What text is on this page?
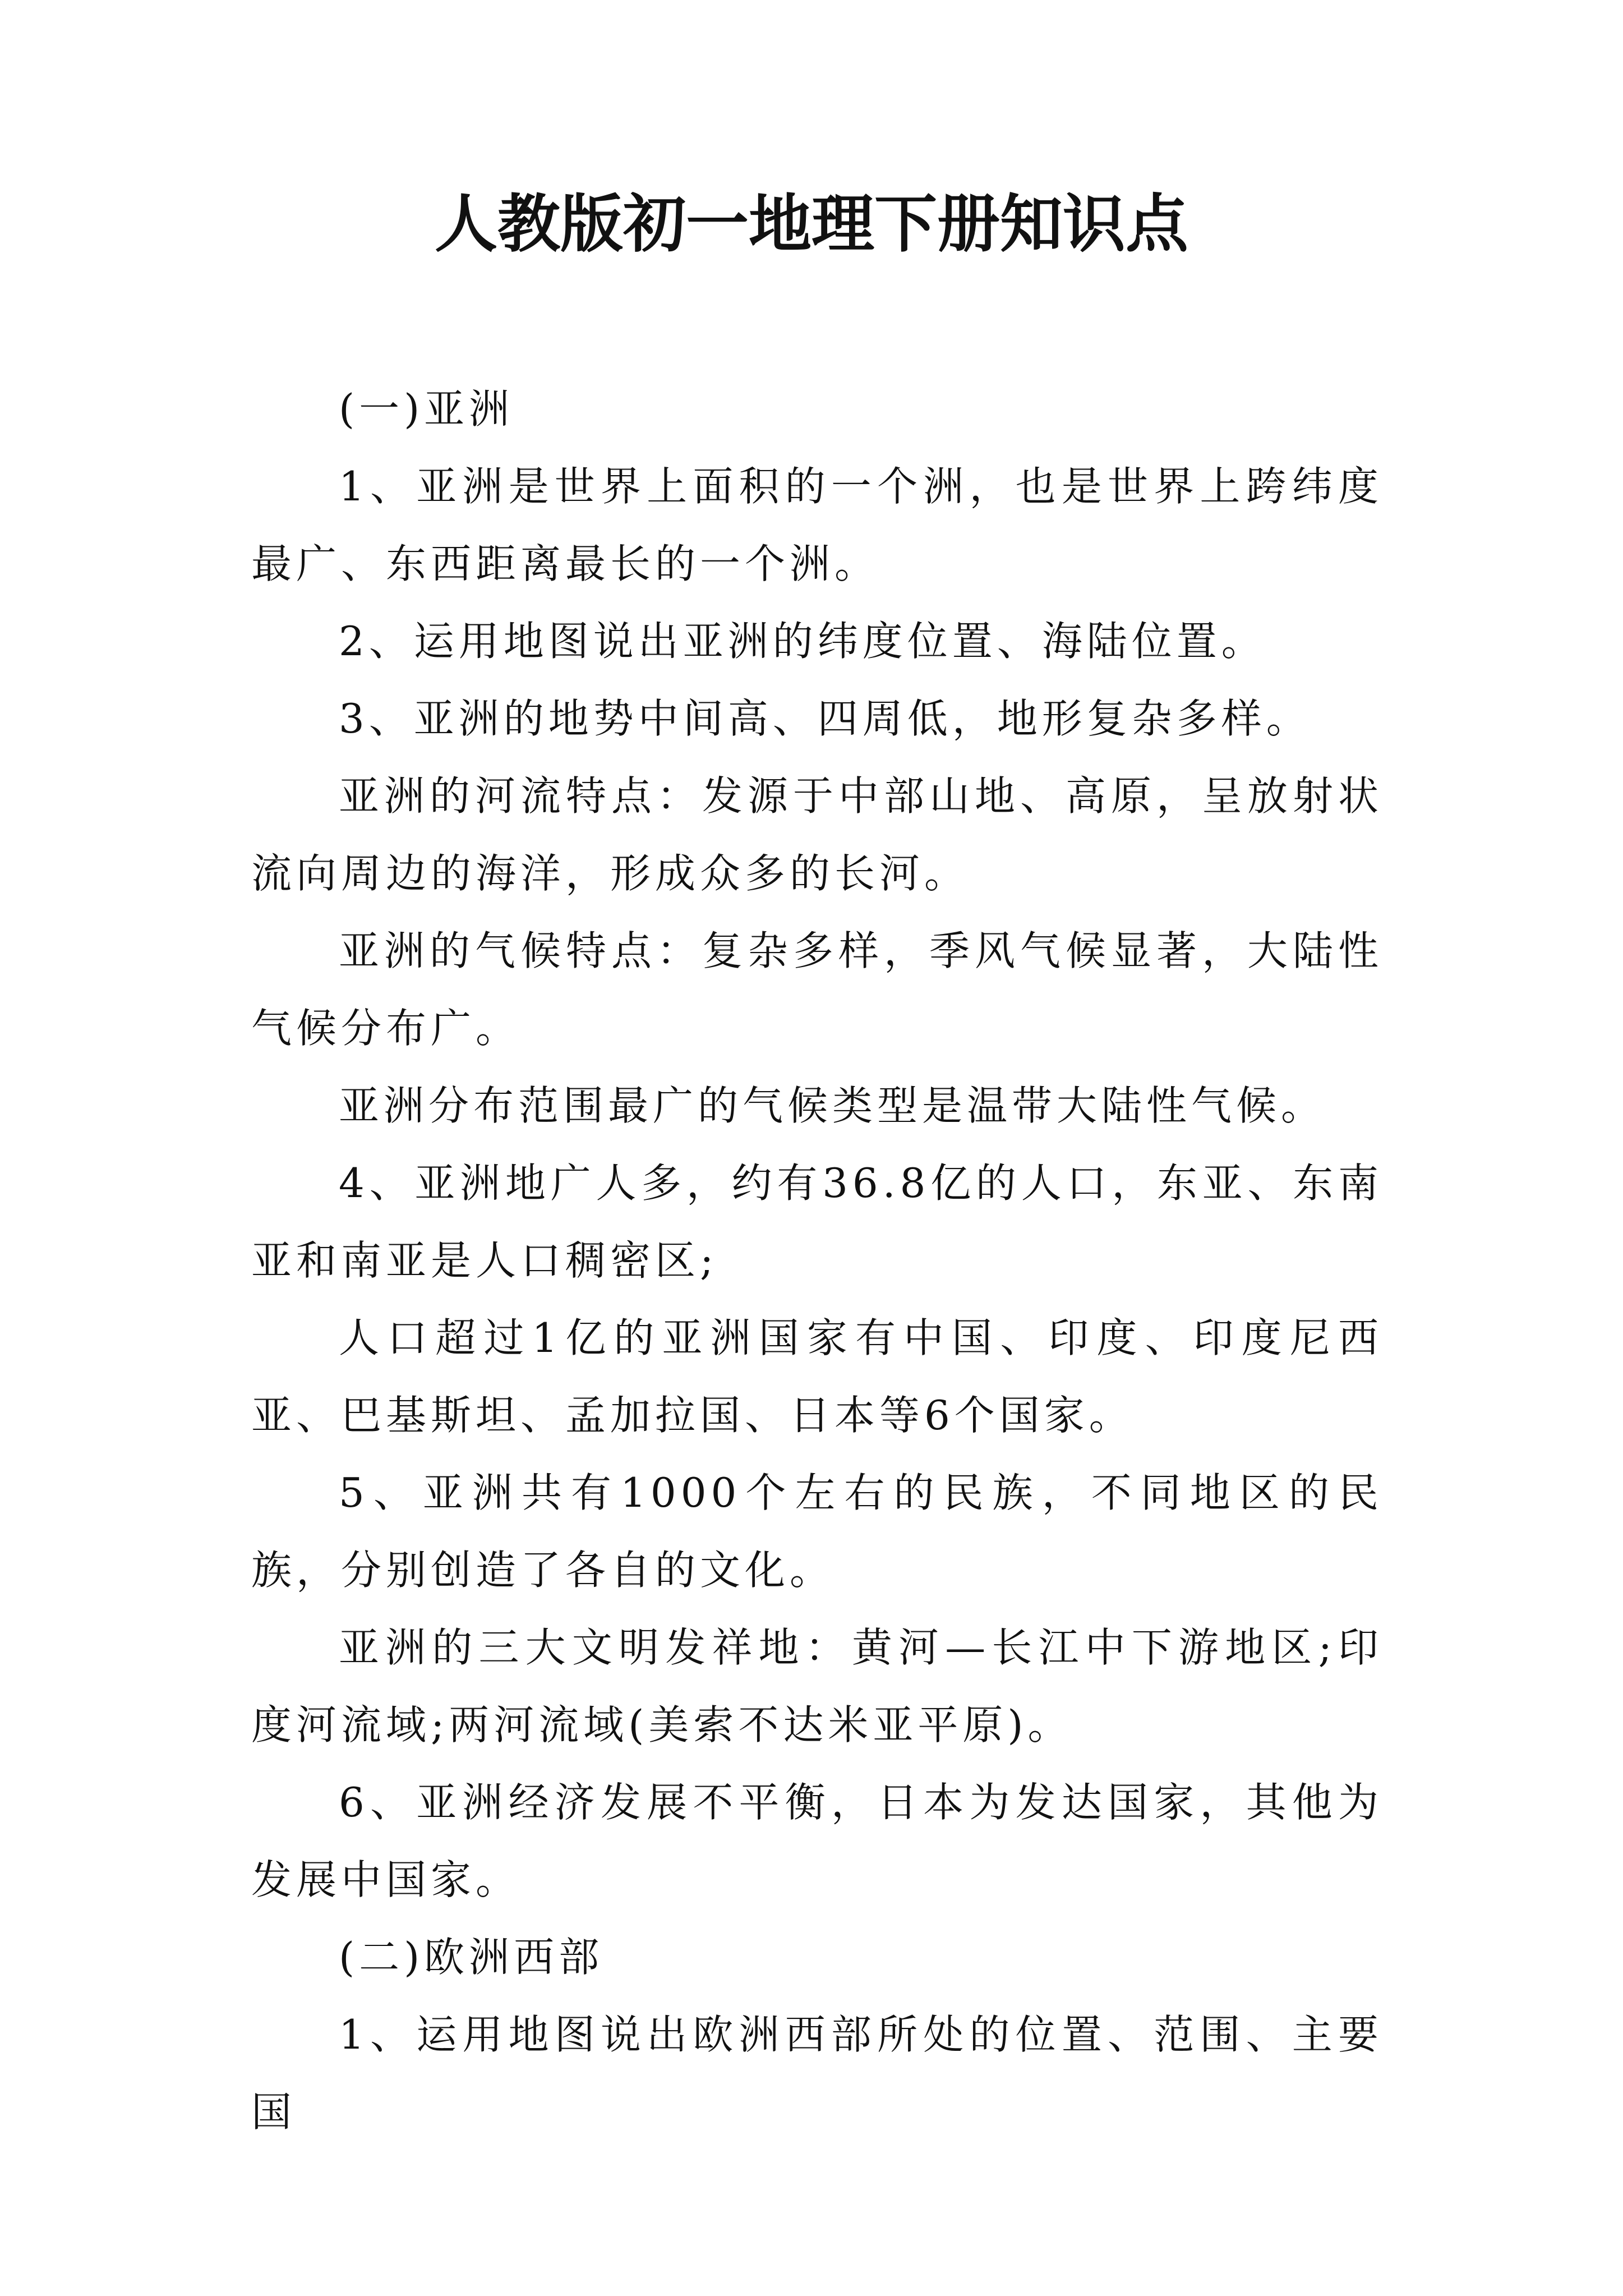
人教版初一地理下册知识点

(一)亚洲

1、亚洲是世界上面积的一个洲，也是世界上跨纬度最广、东西距离最长的一个洲。

2、运用地图说出亚洲的纬度位置、海陆位置。

3、亚洲的地势中间高、四周低，地形复杂多样。

亚洲的河流特点：发源于中部山地、高原，呈放射状流向周边的海洋，形成众多的长河。

亚洲的气候特点：复杂多样，季风气候显著，大陆性气候分布广。

亚洲分布范围最广的气候类型是温带大陆性气候。

4、亚洲地广人多，约有36.8亿的人口，东亚、东南亚和南亚是人口稠密区;

人口超过1亿的亚洲国家有中国、印度、印度尼西亚、巴基斯坦、孟加拉国、日本等6个国家。

5、亚洲共有1000个左右的民族，不同地区的民族，分别创造了各自的文化。

亚洲的三大文明发祥地：黄河—长江中下游地区;印度河流域;两河流域(美索不达米亚平原)。

6、亚洲经济发展不平衡，日本为发达国家，其他为发展中国家。

(二)欧洲西部

1、运用地图说出欧洲西部所处的位置、范围、主要国
